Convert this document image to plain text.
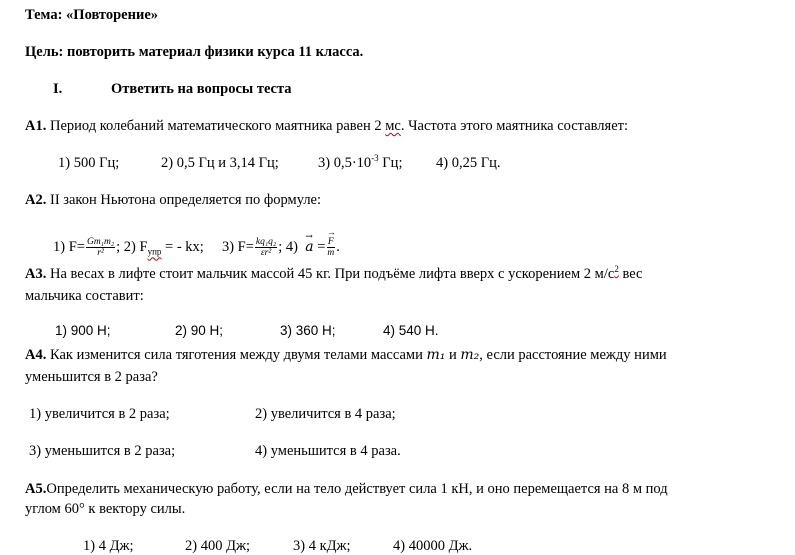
Тема: «Повторение»
Цель: повторить материал физики курса 11 класса.
I.	Ответить на вопросы теста
А1. Период колебаний математического маятника равен 2 мс. Частота этого маятника составляет:
1) 500 Гц;	2) 0,5 Гц и 3,14 Гц;	3) $0,5\cdot 10^{-3}$ Гц; 4) 0,25 Гц.
А2. II закон Ньютона определяется по формуле:
1) $F= \frac{\text{Gm₁m₂}}{\text{r²}}$ ; 2) $F_{упр}$ = - kx; 3) $F= \frac{\text{kq₁q₂}}{\text{εr²}}$ ; 4) → a = → $\frac{F}{m}$ .
А3. На весах в лифте стоит мальчик массой 45 кг. При подъёме лифта вверх с ускорением 2 $м/с^2$ вес
мальчика составит:
1) 900 Н;	2) 90 Н;	3) 360 Н;	4) 540 Н.
А4. Как изменится сила тяготения между двумя телами массами m₁ и m₂, если расстояние между ними
уменьшится в 2 раза?
1) увеличится в 2 раза;	2) увеличится в 4 раза;
3) уменьшится в 2 раза;	4) уменьшится в 4 раза.
А5.Определить механическую работу, если на тело действует сила 1 кН, и оно перемещается на 8 м под
углом 60° к вектору силы.
1) 4 Дж;	2) 400 Дж;	3) 4 кДж;	4) 40000 Дж.
